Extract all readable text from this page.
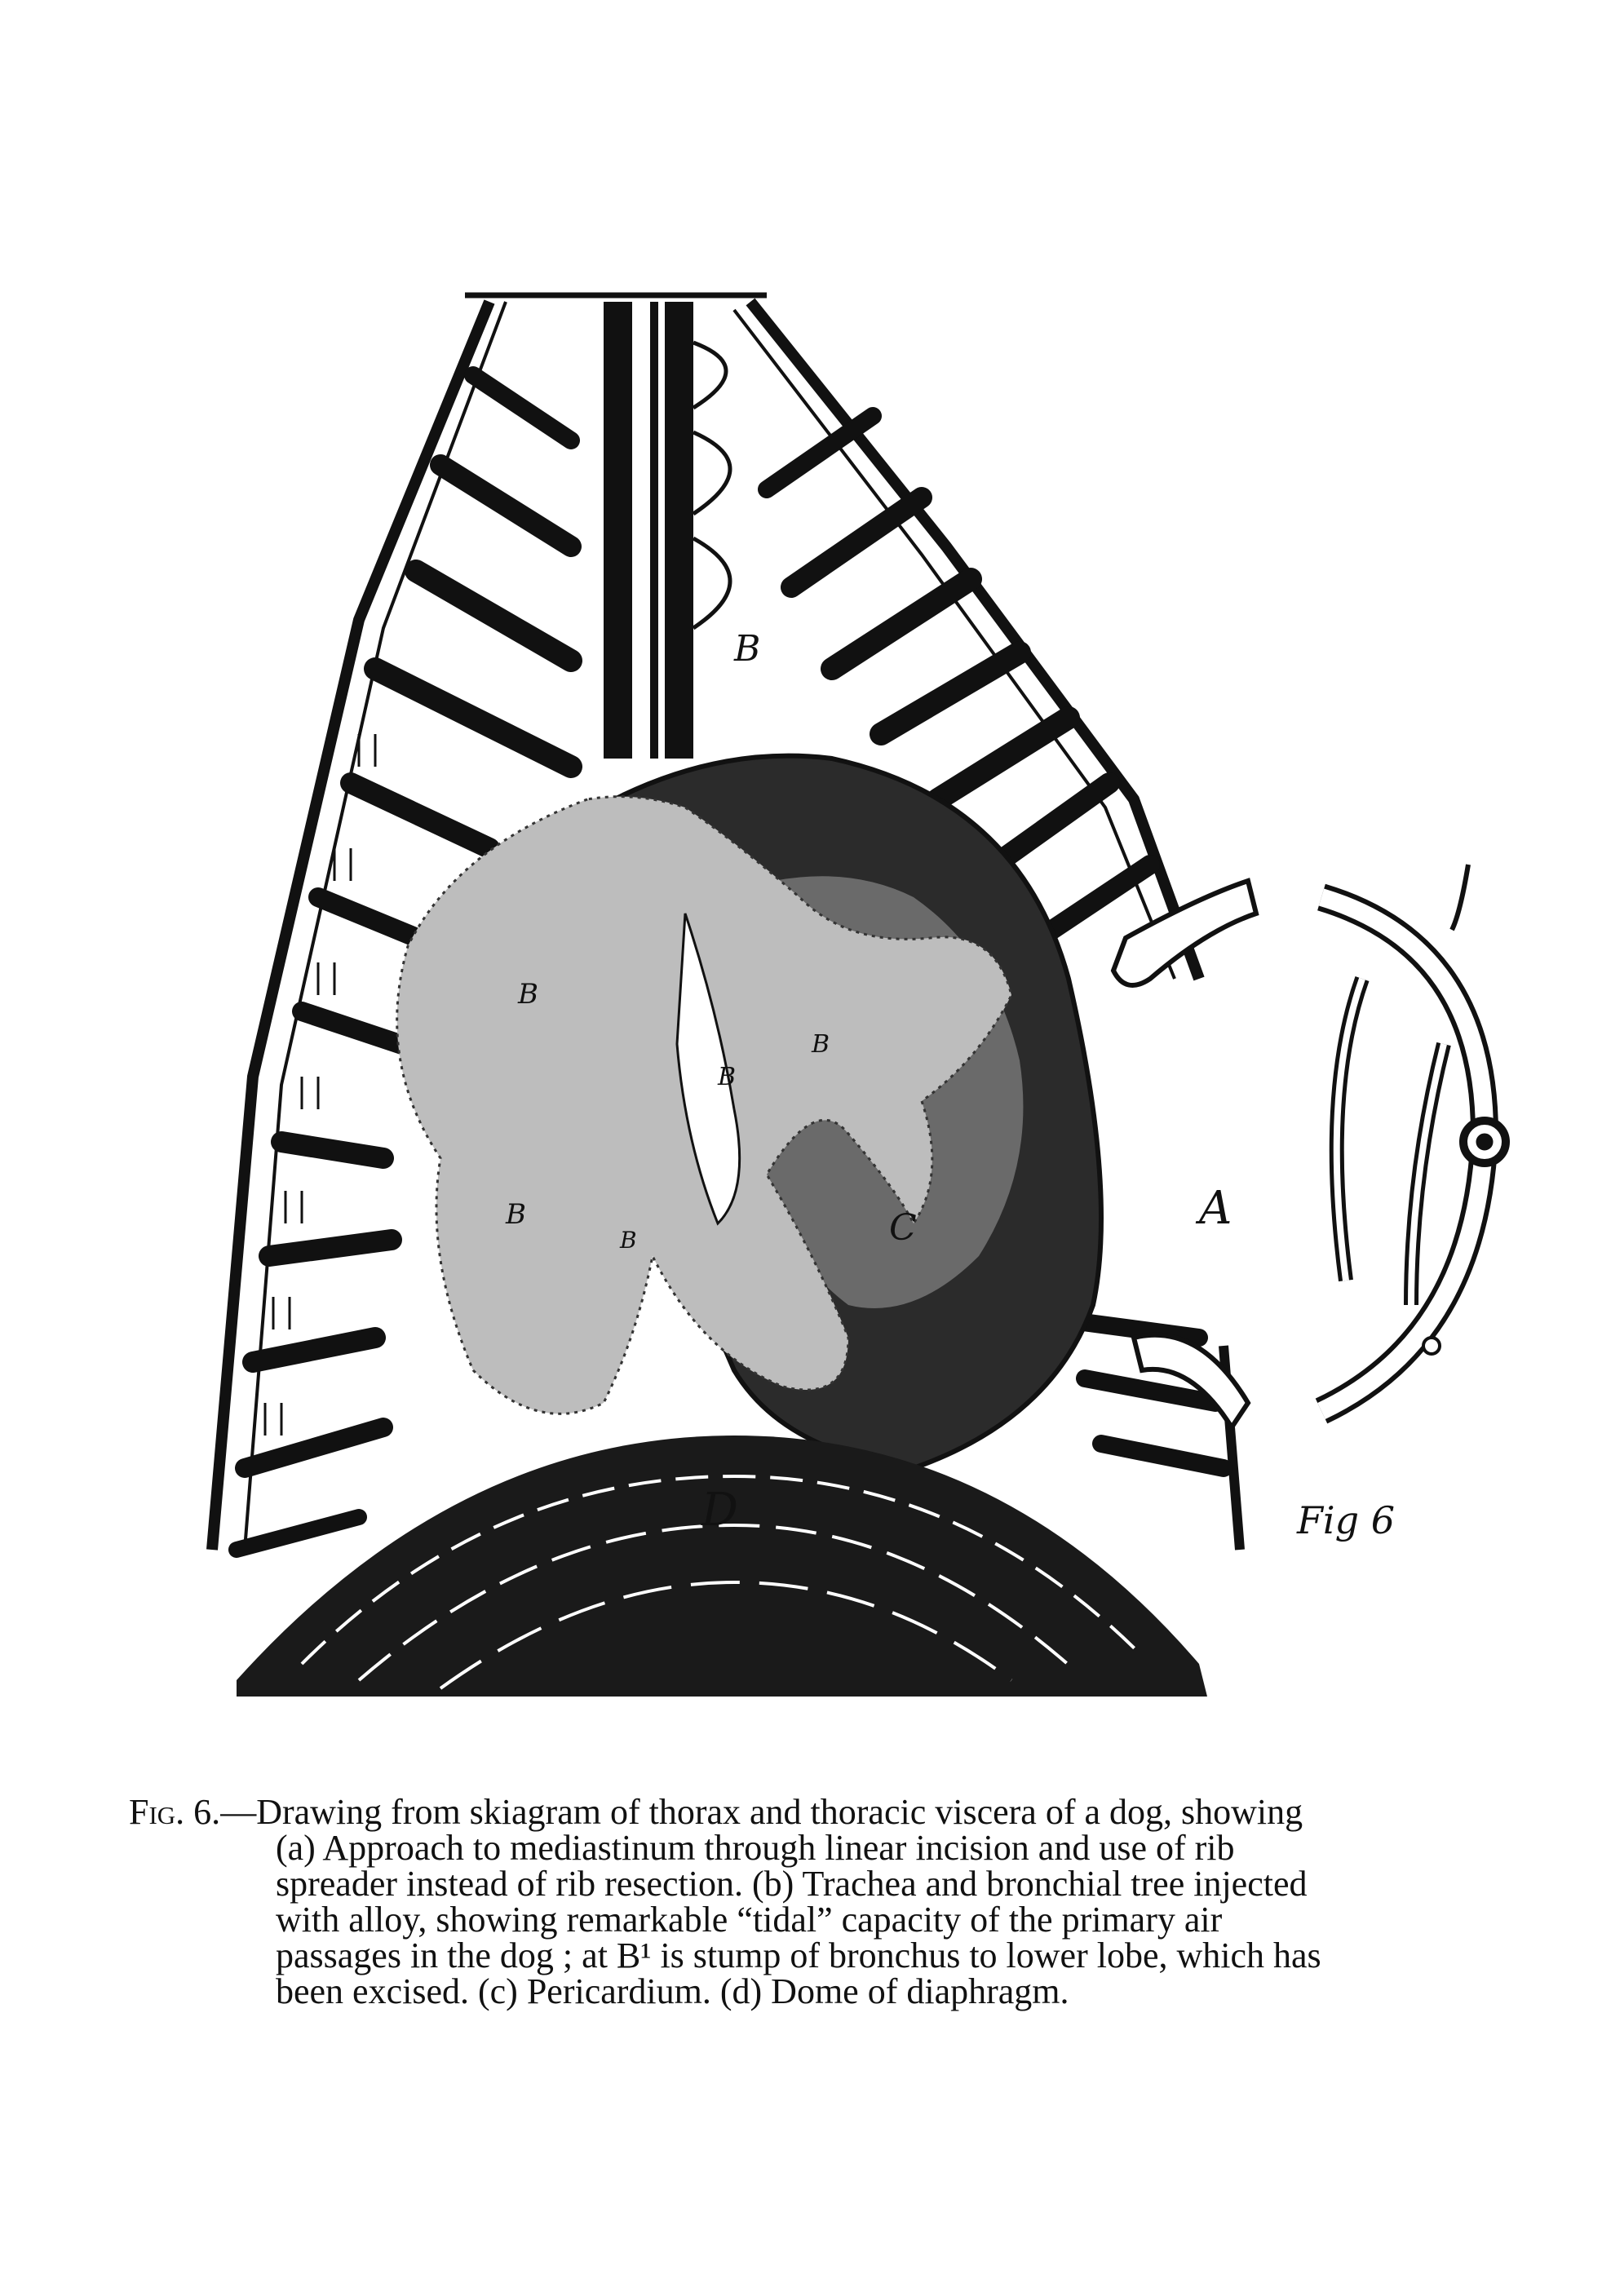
B
B
B
B
B
B
A
C
D	Fig 6
Fig. 6.—Drawing from skiagram of thorax and thoracic viscera of a dog, showing
(a) Approach to mediastinum through linear incision and use of rib
spreader instead of rib resection. (b) Trachea and bronchial tree injected
with alloy, showing remarkable “tidal” capacity of the primary air
passages in the dog ; at B¹ is stump of bronchus to lower lobe, which has
been excised. (c) Pericardium. (d) Dome of diaphragm.
